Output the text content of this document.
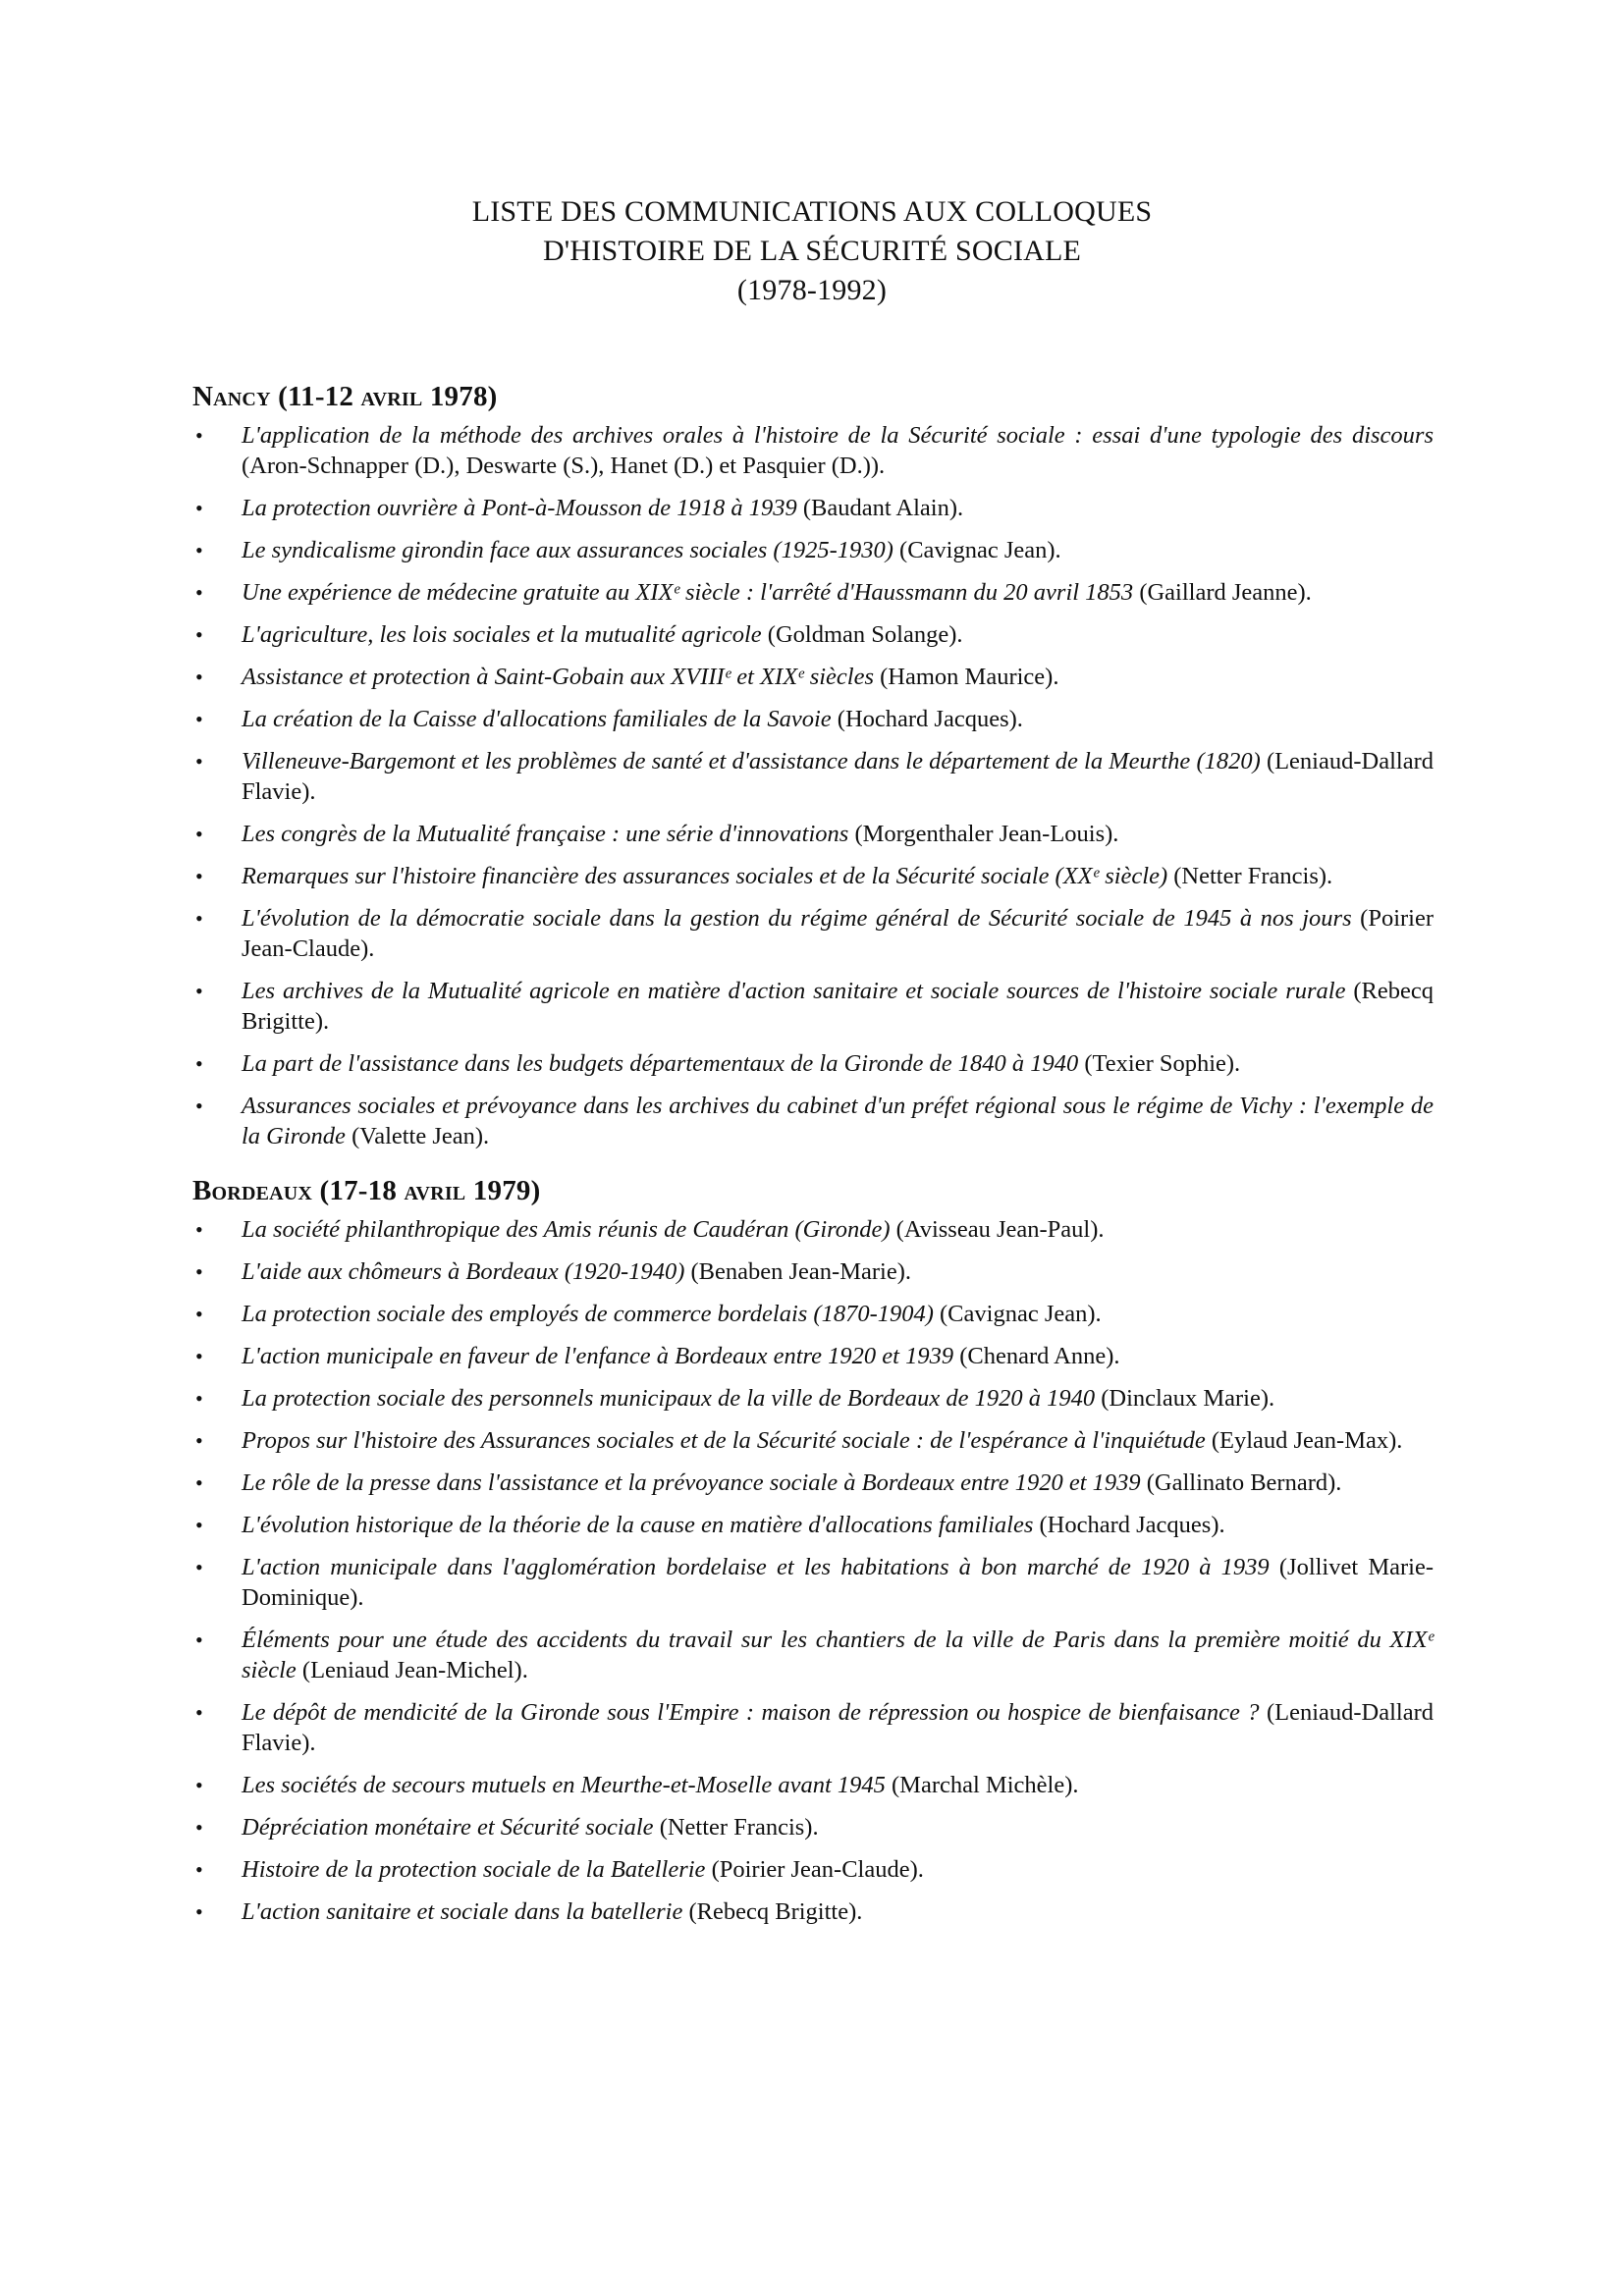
LISTE DES COMMUNICATIONS AUX COLLOQUES
D'HISTOIRE DE LA SÉCURITÉ SOCIALE
(1978-1992)
Nancy (11-12 avril 1978)
• L'application de la méthode des archives orales à l'histoire de la Sécurité sociale : essai d'une typologie des discours (Aron-Schnapper (D.), Deswarte (S.), Hanet (D.) et Pasquier (D.)).
• La protection ouvrière à Pont-à-Mousson de 1918 à 1939 (Baudant Alain).
• Le syndicalisme girondin face aux assurances sociales (1925-1930) (Cavignac Jean).
• Une expérience de médecine gratuite au XIXᵉ siècle : l'arrêté d'Haussmann du 20 avril 1853 (Gaillard Jeanne).
• L'agriculture, les lois sociales et la mutualité agricole (Goldman Solange).
• Assistance et protection à Saint-Gobain aux XVIIIᵉ et XIXᵉ siècles (Hamon Maurice).
• La création de la Caisse d'allocations familiales de la Savoie (Hochard Jacques).
• Villeneuve-Bargemont et les problèmes de santé et d'assistance dans le département de la Meurthe (1820) (Leniaud-Dallard Flavie).
• Les congrès de la Mutualité française : une série d'innovations (Morgenthaler Jean-Louis).
• Remarques sur l'histoire financière des assurances sociales et de la Sécurité sociale (XXᵉ siècle) (Netter Francis).
• L'évolution de la démocratie sociale dans la gestion du régime général de Sécurité sociale de 1945 à nos jours (Poirier Jean-Claude).
• Les archives de la Mutualité agricole en matière d'action sanitaire et sociale sources de l'histoire sociale rurale (Rebecq Brigitte).
• La part de l'assistance dans les budgets départementaux de la Gironde de 1840 à 1940 (Texier Sophie).
• Assurances sociales et prévoyance dans les archives du cabinet d'un préfet régional sous le régime de Vichy : l'exemple de la Gironde (Valette Jean).
Bordeaux (17-18 avril 1979)
• La société philanthropique des Amis réunis de Caudéran (Gironde) (Avisseau Jean-Paul).
• L'aide aux chômeurs à Bordeaux (1920-1940) (Benaben Jean-Marie).
• La protection sociale des employés de commerce bordelais (1870-1904) (Cavignac Jean).
• L'action municipale en faveur de l'enfance à Bordeaux entre 1920 et 1939 (Chenard Anne).
• La protection sociale des personnels municipaux de la ville de Bordeaux de 1920 à 1940 (Dinclaux Marie).
• Propos sur l'histoire des Assurances sociales et de la Sécurité sociale : de l'espérance à l'inquiétude (Eylaud Jean-Max).
• Le rôle de la presse dans l'assistance et la prévoyance sociale à Bordeaux entre 1920 et 1939 (Gallinato Bernard).
• L'évolution historique de la théorie de la cause en matière d'allocations familiales (Hochard Jacques).
• L'action municipale dans l'agglomération bordelaise et les habitations à bon marché de 1920 à 1939 (Jollivet Marie-Dominique).
• Éléments pour une étude des accidents du travail sur les chantiers de la ville de Paris dans la première moitié du XIXᵉ siècle (Leniaud Jean-Michel).
• Le dépôt de mendicité de la Gironde sous l'Empire : maison de répression ou hospice de bienfaisance ? (Leniaud-Dallard Flavie).
• Les sociétés de secours mutuels en Meurthe-et-Moselle avant 1945 (Marchal Michèle).
• Dépréciation monétaire et Sécurité sociale (Netter Francis).
• Histoire de la protection sociale de la Batellerie (Poirier Jean-Claude).
• L'action sanitaire et sociale dans la batellerie (Rebecq Brigitte).
